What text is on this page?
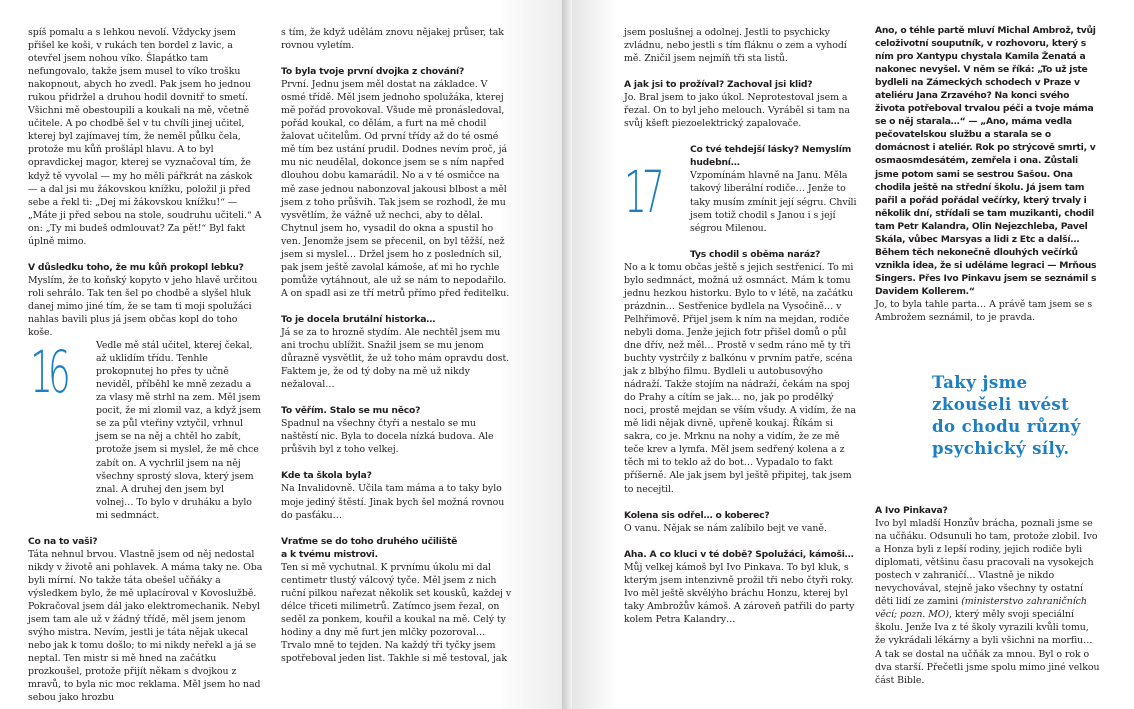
spíš pomalu a s lehkou nevolí. Vždycky jsem přišel ke koši, v rukách ten bordel z lavic, a otevřel jsem nohou víko. Šlapátko tam nefungovalo, takže jsem musel to víko trošku nakopnout, abych ho zvedl. Pak jsem ho jednou rukou přidržel a druhou hodil dovnitř to smetí. Všichni mě obestoupili a koukali na mě, včetně učitele. A po chodbě šel v tu chvíli jinej učitel, kterej byl zajímavej tím, že neměl půlku čela, protože mu kůň prošlápl hlavu. A to byl opravdickej magor, kterej se vyznačoval tím, že když tě vyvolal — my ho měli pářkrát na záskok — a dal jsi mu žákovskou knížku, položil ji před sebe a řekl ti: „Dej mi žákovskou knížku!“ — „Máte ji před sebou na stole, soudruhu učiteli.“ A on: „Ty mi budeš odmlouvat? Za pět!“ Byl fakt úplně mimo.

V důsledku toho, že mu kůň prokopl lebku?

Myslím, že to koňský kopyto v jeho hlavě určitou roli sehrálo. Tak ten šel po chodbě a slyšel hluk danej mimo jiné tím, že se tam ti moji spolužáci nahlas bavili plus já jsem občas kopl do toho koše.

16	Vedle mě stál učitel, kterej čekal, až uklidím třídu. Tenhle prokopnutej ho přes ty učně neviděl, příběhl ke mně zezadu a za vlasy mě strhl na zem. Měl jsem pocit, že mi zlomil vaz, a když jsem se za půl vteřiny vztyčil, vrhnul jsem se na něj a chtěl ho zabít, protože jsem si myslel, že mě chce zabít on. A vychrlil jsem na něj všechny sprostý slova, který jsem znal. A druhej den jsem byl volnej… To bylo v druháku a bylo mi sedmnáct.

Co na to vaši?

Táta nehnul brvou. Vlastně jsem od něj nedostal nikdy v životě ani pohlavek. A máma taky ne. Oba byli mírní. No takže táta obešel učňáky a výsledkem bylo, že mě uplacíroval v Kovoslužbě. Pokračoval jsem dál jako elektromechanik. Nebyl jsem tam ale už v žádný třídě, měl jsem jenom svýho mistra. Nevím, jestli je táta nějak ukecal nebo jak k tomu došlo; to mi nikdy neřekl a já se neptal. Ten mistr si mě hned na začátku prozkoušel, protože přijít někam s dvojkou z mravů, to byla nic moc reklama. Měl jsem ho nad sebou jako hrozbu

s tím, že když udělám znovu nějakej průser, tak rovnou vyletím.

To byla tvoje první dvojka z chování?

První. Jednu jsem měl dostat na základce. V osmé třídě. Měl jsem jednoho spolužáka, kterej mě pořád provokoval. Všude mě pronásledoval, pořád koukal, co dělám, a furt na mě chodil žalovat učitelům. Od první třídy až do té osmé mě tím bez ustání prudil. Dodnes nevím proč, já mu nic neudělal, dokonce jsem se s ním napřed dlouhou dobu kamarádil. No a v té osmičce na mě zase jednou nabonzoval jakousi blbost a měl jsem z toho průšvih. Tak jsem se rozhodl, že mu vysvětlím, že vážně už nechci, aby to dělal. Chytnul jsem ho, vysadil do okna a spustil ho ven. Jenomže jsem se přecenil, on byl těžší, než jsem si myslel… Držel jsem ho z posledních sil, pak jsem ještě zavolal kámoše, ať mi ho rychle pomůže vytáhnout, ale už se nám to nepodařilo. A on spadl asi ze tří metrů přímo před ředitelku.

To je docela brutální historka…

Já se za to hrozně stydím. Ale nechtěl jsem mu ani trochu ublížit. Snažil jsem se mu jenom důrazně vysvětlit, že už toho mám opravdu dost. Faktem je, že od tý doby na mě už nikdy nežaloval…

To věřím. Stalo se mu něco?

Spadnul na všechny čtyři a nestalo se mu naštěstí nic. Byla to docela nízká budova. Ale průšvih byl z toho velkej.

Kde ta škola byla?

Na Invalidovně. Učila tam máma a to taky bylo moje jediný štěstí. Jinak bych šel možná rovnou do pasťáku…

Vraťme se do toho druhého učiliště

a k tvému mistrovi.

Ten si mě vychutnal. K prvnímu úkolu mi dal centimetr tlustý válcový tyče. Měl jsem z nich ruční pilkou nařezat několik set kousků, každej v délce třiceti milimetrů. Zatímco jsem řezal, on seděl za ponkem, kouřil a koukal na mě. Celý ty hodiny a dny mě furt jen mlčky pozoroval… Trvalo mně to tejden. Na každý tři tyčky jsem spotřeboval jeden list. Takhle si mě testoval, jak

jsem poslušnej a odolnej. Jestli to psychicky zvládnu, nebo jestli s tím fláknu o zem a vyhodí mě. Zničil jsem nejmíň tři sta listů.

A jak jsi to prožíval? Zachoval jsi klid?

Jo. Bral jsem to jako úkol. Neprotestoval jsem a řezal. On to byl jeho melouch. Vyráběl si tam na svůj kšeft piezoelektrický zapalovače.

17

Co tvé tehdejší lásky? Nemyslím hudební…

Vzpomínám hlavně na Janu. Měla takový liberální rodiče… Jenže to taky musím zmínit její ségru. Chvíli jsem totiž chodil s Janou i s její ségrou Milenou.

Tys chodil s oběma naráz?

No a k tomu občas ještě s jejich sestřenicí. To mi bylo sedmnáct, možná už osmnáct. Mám k tomu jednu hezkou historku. Bylo to v létě, na začátku prázdnin… Sestřenice bydlela na Vysočině… v Pelhřimově. Přijel jsem k ním na mejdan, rodiče nebyli doma. Jenže jejich fotr přišel domů o půl dne dřív, než měl… Prostě v sedm ráno mě ty tři buchty vystrčily z balkónu v prvním patře, scéna jak z blbýho filmu. Bydleli u autobusovýho nádraží. Takže stojím na nádraží, čekám na spoj do Prahy a cítím se jak… no, jak po prodělký noci, prostě mejdan se vším všudy. A vidím, že na mě lidi nějak divně, upřeně koukaj. Říkám si sakra, co je. Mrknu na nohy a vidím, že ze mě teče krev a lymfa. Měl jsem sedřený kolena a z těch mi to teklo až do bot… Vypadalo to fakt příšerně. Ale jak jsem byl ještě připitej, tak jsem to necejtil.

Kolena sis odřel… o koberec?

O vanu. Nějak se nám zalíbilo bejt ve vaně.

Aha. A co kluci v té době? Spolužáci, kámoši…

Můj velkej kámoš byl Ivo Pinkava. To byl kluk, s kterým jsem intenzivně prožil tři nebo čtyři roky. Ivo měl ještě skvělýho bráchu Honzu, kterej byl taky Ambrožův kámoš. A zároveň patřili do party kolem Petra Kalandry…

Ano, o téhle partě mluví Michal Ambrož, tvůj celoživotní souputník, v rozhovoru, který s ním pro Xantypu chystala Kamila Ženatá a nakonec nevyšel. V něm se říká: „To už jste bydleli na Zámeckých schodech v Praze v ateliéru Jana Zrzavého? Na konci svého života potřeboval trvalou péči a tvoje máma se o něj starala…“ — „Ano, máma vedla pečovatelskou službu a starala se o domácnost i ateliér. Rok po strýcově smrti, v osmaosmdesátém, zemřela i ona. Zůstali jsme potom sami se sestrou Sašou. Ona chodila ještě na střední školu. Já jsem tam pařil a pořád pořádal večírky, který trvaly i několik dní, střídali se tam muzikanti, chodil tam Petr Kalandra, Olin Nejezchleba, Pavel Skála, vůbec Marsyas a lidi z Etc a další… Během těch nekonečně dlouhých večírků vznikla idea, že si uděláme legraci — Mrňous Singers. Přes Ivo Pinkavu jsem se seznámil s Davidem Kollerem.“

Jo, to byla tahle parta… A právě tam jsem se s Ambrožem seznámil, to je pravda.

Taky jsme
zkoušeli uvést
do chodu různý
psychický síly.

A Ivo Pinkava?

Ivo byl mladší Honzův brácha, poznali jsme se na učňáku. Odsunuli ho tam, protože zlobil. Ivo a Honza byli z lepší rodiny, jejich rodiče byli diplomati, většinu času pracovali na vysokejch postech v zahraničí… Vlastně je nikdo nevychovával, stejně jako všechny ty ostatní děti lidí ze zamini (ministerstvo zahraničních věcí; pozn. MO), který měly svoji speciální školu. Jenže Iva z té školy vyrazili kvůli tomu, že vykrádali lékárny a byli všichni na morfiu… A tak se dostal na učňák za mnou. Byl o rok o dva starší. Přečetli jsme spolu mimo jiné velkou část Bible.
